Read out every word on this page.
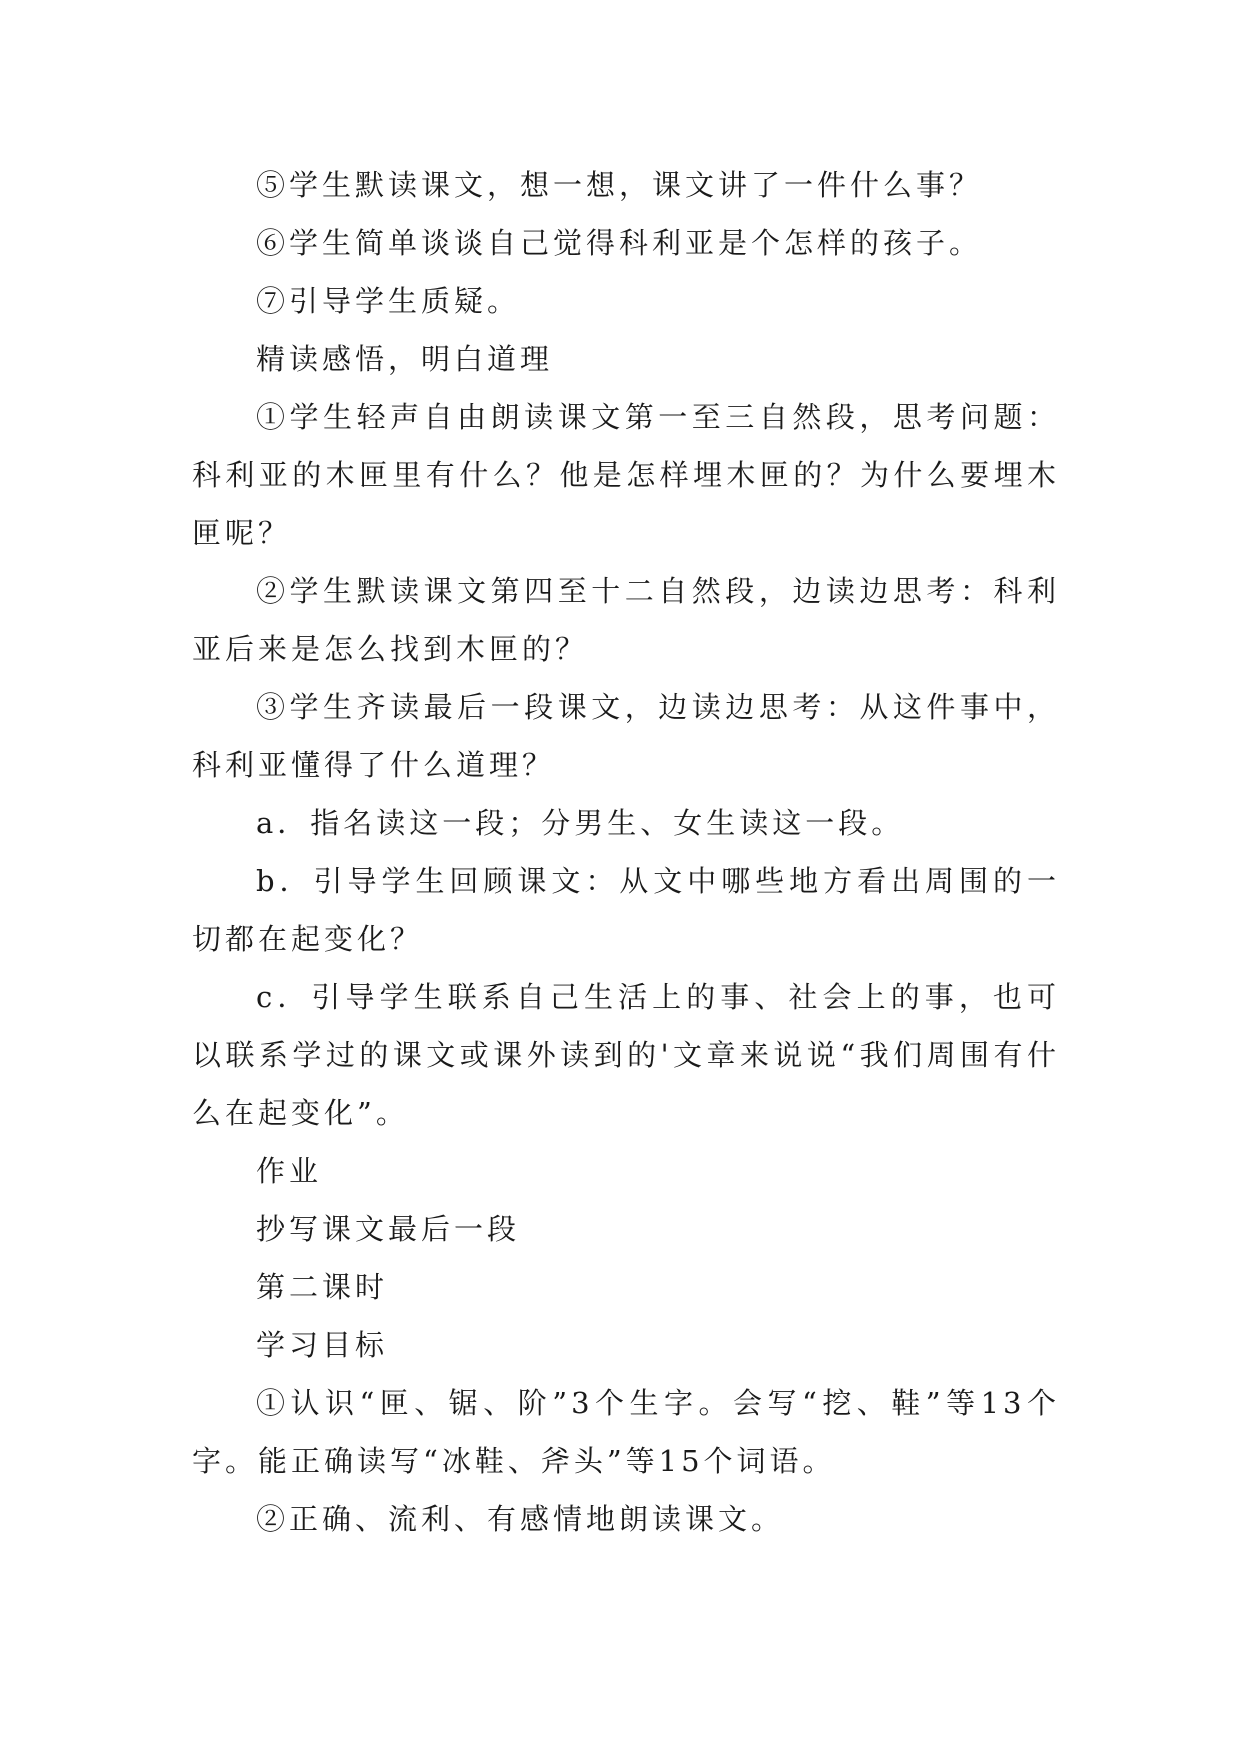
⑤学生默读课文，想一想，课文讲了一件什么事？

⑥学生简单谈谈自己觉得科利亚是个怎样的孩子。

⑦引导学生质疑。

精读感悟，明白道理

①学生轻声自由朗读课文第一至三自然段，思考问题：科利亚的木匣里有什么？他是怎样埋木匣的？为什么要埋木匣呢？

②学生默读课文第四至十二自然段，边读边思考：科利亚后来是怎么找到木匣的？

③学生齐读最后一段课文，边读边思考：从这件事中，科利亚懂得了什么道理？

a．指名读这一段；分男生、女生读这一段。

b．引导学生回顾课文：从文中哪些地方看出周围的一切都在起变化？

c．引导学生联系自己生活上的事、社会上的事，也可以联系学过的课文或课外读到的'文章来说说“我们周围有什么在起变化”。

作业

抄写课文最后一段

第二课时

学习目标

①认识“匣、锯、阶”3个生字。会写“挖、鞋”等13个字。能正确读写“冰鞋、斧头”等15个词语。

②正确、流利、有感情地朗读课文。
